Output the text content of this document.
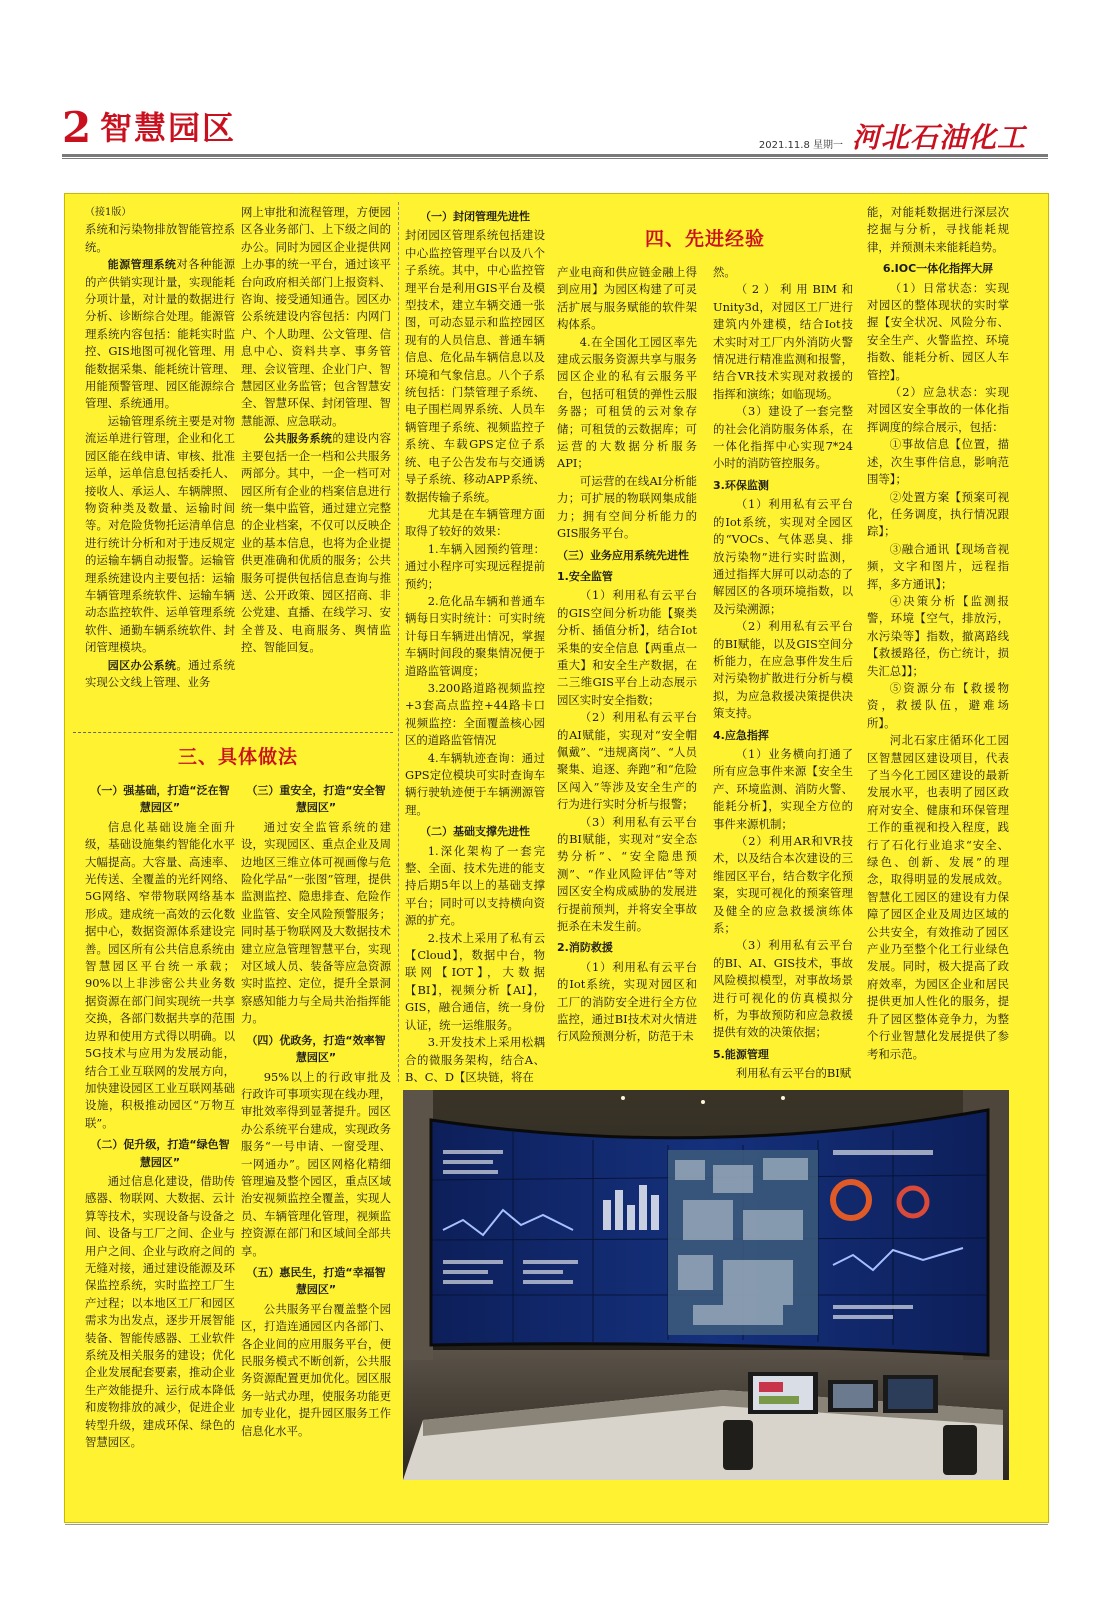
2 智慧园区	2021.11.8 星期一 河北石油化工

（接1版）

系统和污染物排放智能管控系统。

能源管理系统对各种能源的产供销实现计量，实现能耗分项计量，对计量的数据进行分析、诊断综合处理。能源管理系统内容包括：能耗实时监控、GIS地图可视化管理、用能数据采集、能耗统计管理、用能预警管理、园区能源综合管理、系统通用。

运输管理系统主要是对物流运单进行管理，企业和化工园区能在线申请、审核、批准运单，运单信息包括委托人、接收人、承运人、车辆牌照、物资种类及数量、运输时间等。对危险货物托运清单信息进行统计分析和对于违反规定的运输车辆自动报警。运输管理系统建设内主要包括：运输车辆管理系统软件、运输车辆动态监控软件、运单管理系统软件、通勤车辆系统软件、封闭管理模块。

园区办公系统。通过系统实现公文线上管理、业务

网上审批和流程管理，方便园区各业务部门、上下级之间的办公。同时为园区企业提供网上办事的统一平台，通过该平台向政府相关部门上报资料、咨询、接受通知通告。园区办公系统建设内容包括：内网门户、个人助理、公文管理、信息中心、资料共享、事务管理、会议管理、企业门户、智慧园区业务监管；包含智慧安全、智慧环保、封闭管理、智慧能源、应急联动。

公共服务系统的建设内容主要包括一企一档和公共服务两部分。其中，一企一档可对园区所有企业的档案信息进行统一集中监管，通过建立完整的企业档案，不仅可以反映企业的基本信息，也将为企业提供更准确和优质的服务；公共服务可提供包括信息查询与推送、公开政策、园区招商、非公党建、直播、在线学习、安全普及、电商服务、舆情监控、智能回复。

三、具体做法

（一）强基础，打造“泛在智慧园区”

信息化基础设施全面升级，基础设施集约智能化水平大幅提高。大容量、高速率、光传送、全覆盖的光纤网络、5G网络、窄带物联网络基本形成。建成统一高效的云化数据中心，数据资源体系建设完善。园区所有公共信息系统由智慧园区平台统一承载；90%以上非涉密公共业务数据资源在部门间实现统一共享交换，各部门数据共享的范围边界和使用方式得以明确。以5G技术与应用为发展动能，结合工业互联网的发展方向，加快建设园区工业互联网基础设施，积极推动园区“万物互联”。

（二）促升级，打造“绿色智慧园区”

通过信息化建设，借助传感器、物联网、大数据、云计算等技术，实现设备与设备之间、设备与工厂之间、企业与用户之间、企业与政府之间的无缝对接，通过建设能源及环保监控系统，实时监控工厂生产过程；以本地区工厂和园区需求为出发点，逐步开展智能装备、智能传感器、工业软件系统及相关服务的建设；优化企业发展配套要素，推动企业生产效能提升、运行成本降低和废物排放的减少，促进企业转型升级，建成环保、绿色的智慧园区。

（三）重安全，打造“安全智慧园区”

通过安全监管系统的建设，实现园区、重点企业及周边地区三维立体可视画像与危险化学品“一张图”管理，提供监测监控、隐患排查、危险作业监管、安全风险预警服务；同时基于物联网及大数据技术建立应急管理智慧平台，实现对区域人员、装备等应急资源实时监控、定位，提升全景洞察感知能力与全局共治指挥能力。

（四）优政务，打造“效率智慧园区”

95%以上的行政审批及行政许可事项实现在线办理，审批效率得到显著提升。园区办公系统平台建成，实现政务服务“一号申请、一窗受理、一网通办”。园区网格化精细管理遍及整个园区，重点区域治安视频监控全覆盖，实现人员、车辆管理化管理，视频监控资源在部门和区域间全部共享。

（五）惠民生，打造“幸福智慧园区”

公共服务平台覆盖整个园区，打造连通园区内各部门、各企业间的应用服务平台，便民服务模式不断创新，公共服务资源配置更加优化。园区服务一站式办理，使服务功能更加专业化，提升园区服务工作信息化水平。

（一）封闭管理先进性

封闭园区管理系统包括建设中心监控管理平台以及八个子系统。其中，中心监控管理平台是利用GIS平台及模型技术，建立车辆交通一张图，可动态显示和监控园区现有的人员信息、普通车辆信息、危化品车辆信息以及环境和气象信息。八个子系统包括：门禁管理子系统、电子围栏周界系统、人员车辆管理子系统、视频监控子系统、车载GPS定位子系统、电子公告发布与交通诱导子系统、移动APP系统、数据传输子系统。

尤其是在车辆管理方面取得了较好的效果：

1.车辆入园预约管理：通过小程序可实现远程提前预约；

2.危化品车辆和普通车辆每日实时统计：可实时统计每日车辆进出情况，掌握车辆时间段的聚集情况便于道路监管调度；

3.200路道路视频监控+3套高点监控+44路卡口视频监控：全面覆盖核心园区的道路监管情况

4.车辆轨迹查询：通过GPS定位模块可实时查询车辆行驶轨迹便于车辆溯源管理。

（二）基础支撑先进性

1.深化架构了一套完整、全面、技术先进的能支持后期5年以上的基础支撑平台；同时可以支持横向资源的扩充。

2.技术上采用了私有云【Cloud】，数据中台，物联网【IOT】，大数据【BI】，视频分析【AI】，GIS，融合通信，统一身份认证，统一运维服务。

3.开发技术上采用松耦合的微服务架构，结合A、B、C、D【区块链，将在

四、先进经验

产业电商和供应链金融上得到应用】为园区构建了可灵活扩展与服务赋能的软件架构体系。

4.在全国化工园区率先建成云服务资源共享与服务园区企业的私有云服务平台，包括可租赁的弹性云服务器；可租赁的云对象存储；可租赁的云数据库；可运营的大数据分析服务API；

可运营的在线AI分析能力；可扩展的物联网集成能力；拥有空间分析能力的GIS服务平台。

（三）业务应用系统先进性

1.安全监管

（1）利用私有云平台的GIS空间分析功能【聚类分析、插值分析】，结合Iot采集的安全信息【两重点一重大】和安全生产数据，在二三维GIS平台上动态展示园区实时安全指数；

（2）利用私有云平台的AI赋能，实现对“安全帽佩戴”、“违规离岗”、“人员聚集、追逐、奔跑”和“危险区闯入”等涉及安全生产的行为进行实时分析与报警；

（3）利用私有云平台的BI赋能，实现对“安全态势分析”、“安全隐患预测”、“作业风险评估”等对园区安全构成威胁的发展进行提前预判，并将安全事故扼杀在未发生前。

2.消防救援

（1）利用私有云平台的Iot系统，实现对园区和工厂的消防安全进行全方位监控，通过BI技术对火情进行风险预测分析，防范于未

然。

（2）利用BIM和Unity3d，对园区工厂进行建筑内外建模，结合Iot技术实时对工厂内外消防火警情况进行精准监测和报警，结合VR技术实现对救援的指挥和演练；如临现场。

（3）建设了一套完整的社会化消防服务体系，在一体化指挥中心实现7*24小时的消防管控服务。

3.环保监测

（1）利用私有云平台的Iot系统，实现对全园区的“VOCs、气体恶臭、排放污染物”进行实时监测，通过指挥大屏可以动态的了解园区的各项环境指数，以及污染溯源；

（2）利用私有云平台的BI赋能，以及GIS空间分析能力，在应急事件发生后对污染物扩散进行分析与模拟，为应急救援决策提供决策支持。

4.应急指挥

（1）业务横向打通了所有应急事件来源【安全生产、环境监测、消防火警、能耗分析】，实现全方位的事件来源机制；

（2）利用AR和VR技术，以及结合本次建设的三维园区平台，结合数字化预案，实现可视化的预案管理及健全的应急救援演练体系；

（3）利用私有云平台的BI、AI、GIS技术，事故风险模拟模型，对事故场景进行可视化的仿真模拟分析，为事故预防和应急救援提供有效的决策依据；

5.能源管理

利用私有云平台的BI赋

能，对能耗数据进行深层次挖掘与分析，寻找能耗规律，并预测未来能耗趋势。

6.IOC一体化指挥大屏

（1）日常状态：实现对园区的整体现状的实时掌握【安全状况、风险分布、安全生产、火警监控、环境指数、能耗分析、园区人车管控】。

（2）应急状态：实现对园区安全事故的一体化指挥调度的综合展示，包括：

①事故信息【位置，描述，次生事件信息，影响范围等】；

②处置方案【预案可视化，任务调度，执行情况跟踪】；

③融合通讯【现场音视频，文字和图片，远程指挥，多方通讯】；

④决策分析【监测报警，环境【空气，排放污，水污染等】指数，撤离路线【救援路径，伤亡统计，损失汇总】】；

⑤资源分布【救援物资，救援队伍，避难场所】。

河北石家庄循环化工园区智慧园区建设项目，代表了当今化工园区建设的最新发展水平，也表明了园区政府对安全、健康和环保管理工作的重视和投入程度，践行了石化行业追求“安全、绿色、创新、发展”的理念，取得明显的发展成效。智慧化工园区的建设有力保障了园区企业及周边区域的公共安全，有效推动了园区产业乃至整个化工行业绿色发展。同时，极大提高了政府效率，为园区企业和居民提供更加人性化的服务，提升了园区整体竞争力，为整个行业智慧化发展提供了参考和示范。
